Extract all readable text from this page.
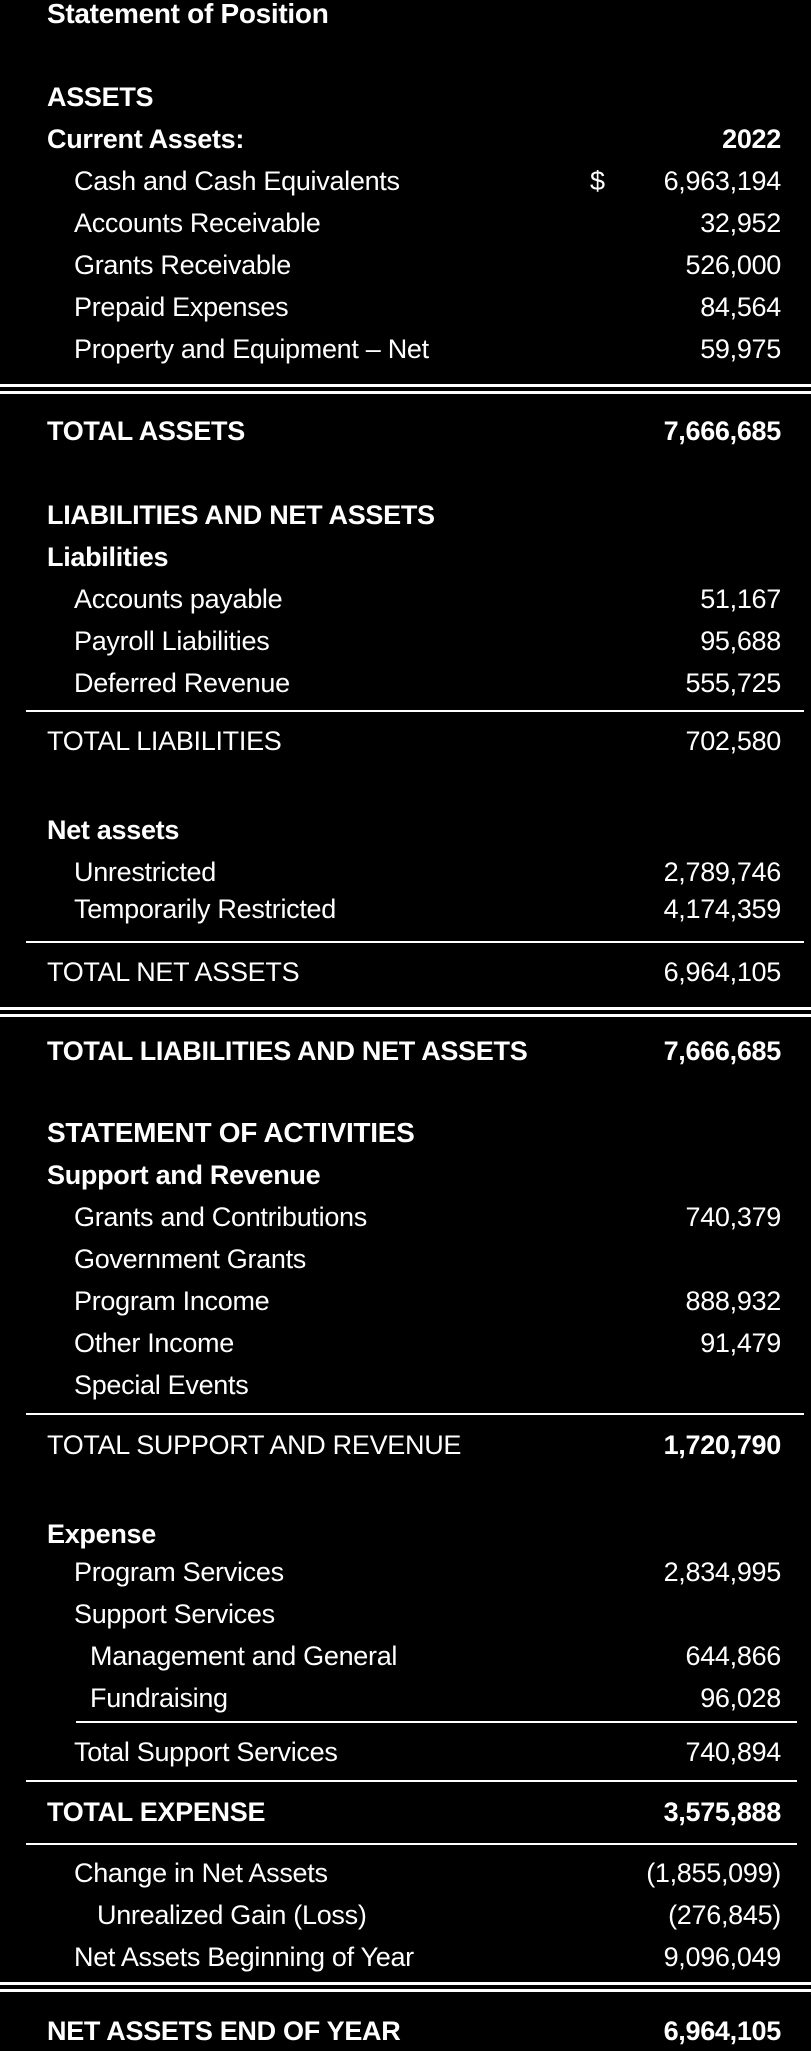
Statement of Position
ASSETS
Current Assets:	2022
Cash and Cash Equivalents	$ 6,963,194
Accounts Receivable	32,952
Grants Receivable	526,000
Prepaid Expenses	84,564
Property and Equipment – Net	59,975
TOTAL ASSETS	7,666,685
LIABILITIES AND NET ASSETS
Liabilities
Accounts payable	51,167
Payroll Liabilities	95,688
Deferred Revenue	555,725
TOTAL LIABILITIES	702,580
Net assets
Unrestricted	2,789,746
Temporarily Restricted	4,174,359
TOTAL NET ASSETS	6,964,105
TOTAL LIABILITIES AND NET ASSETS	7,666,685
STATEMENT OF ACTIVITIES
Support and Revenue
Grants and Contributions	740,379
Government Grants
Program Income	888,932
Other Income	91,479
Special Events
TOTAL SUPPORT AND REVENUE	1,720,790
Expense
Program Services	2,834,995
Support Services
Management and General	644,866
Fundraising	96,028
Total Support Services	740,894
TOTAL EXPENSE	3,575,888
Change in Net Assets	(1,855,099)
Unrealized Gain (Loss)	(276,845)
Net Assets Beginning of Year	9,096,049
NET ASSETS END OF YEAR	6,964,105
